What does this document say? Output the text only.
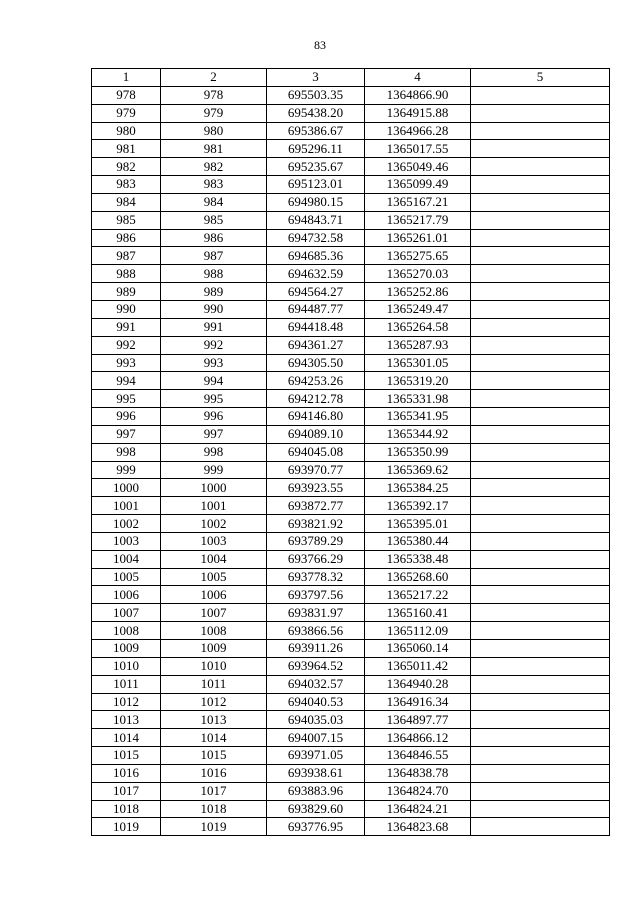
83
1	2	3	4	5
978	978	695503.35	1364866.90	
979	979	695438.20	1364915.88	
980	980	695386.67	1364966.28	
981	981	695296.11	1365017.55	
982	982	695235.67	1365049.46	
983	983	695123.01	1365099.49	
984	984	694980.15	1365167.21	
985	985	694843.71	1365217.79	
986	986	694732.58	1365261.01	
987	987	694685.36	1365275.65	
988	988	694632.59	1365270.03	
989	989	694564.27	1365252.86	
990	990	694487.77	1365249.47	
991	991	694418.48	1365264.58	
992	992	694361.27	1365287.93	
993	993	694305.50	1365301.05	
994	994	694253.26	1365319.20	
995	995	694212.78	1365331.98	
996	996	694146.80	1365341.95	
997	997	694089.10	1365344.92	
998	998	694045.08	1365350.99	
999	999	693970.77	1365369.62	
1000	1000	693923.55	1365384.25	
1001	1001	693872.77	1365392.17	
1002	1002	693821.92	1365395.01	
1003	1003	693789.29	1365380.44	
1004	1004	693766.29	1365338.48	
1005	1005	693778.32	1365268.60	
1006	1006	693797.56	1365217.22	
1007	1007	693831.97	1365160.41	
1008	1008	693866.56	1365112.09	
1009	1009	693911.26	1365060.14	
1010	1010	693964.52	1365011.42	
1011	1011	694032.57	1364940.28	
1012	1012	694040.53	1364916.34	
1013	1013	694035.03	1364897.77	
1014	1014	694007.15	1364866.12	
1015	1015	693971.05	1364846.55	
1016	1016	693938.61	1364838.78	
1017	1017	693883.96	1364824.70	
1018	1018	693829.60	1364824.21	
1019	1019	693776.95	1364823.68	
